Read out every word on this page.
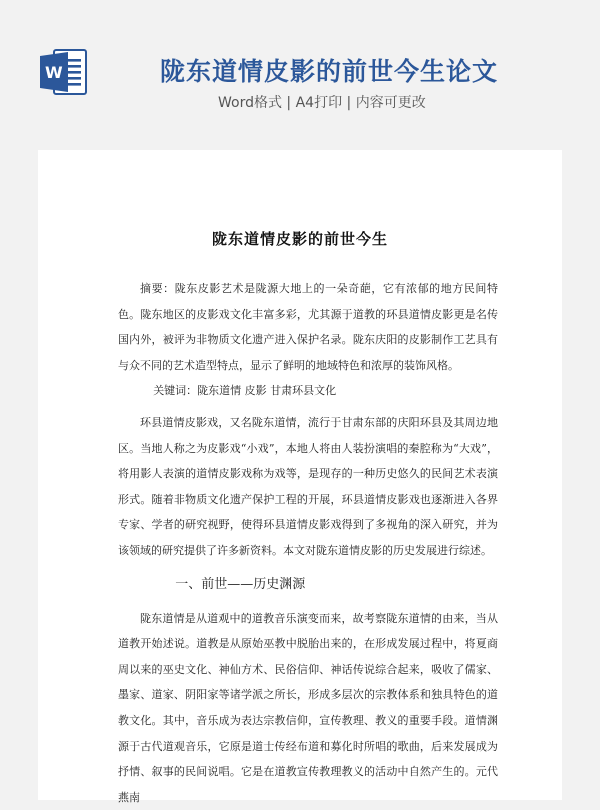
W	陇东道情皮影的前世今生论文
Word格式 | A4打印 | 内容可更改
陇东道情皮影的前世今生

摘要：陇东皮影艺术是陇源大地上的一朵奇葩，它有浓郁的地方民间特色。陇东地区的皮影戏文化丰富多彩，尤其源于道教的环县道情皮影更是名传国内外，被评为非物质文化遗产进入保护名录。陇东庆阳的皮影制作工艺具有与众不同的艺术造型特点，显示了鲜明的地域特色和浓厚的装饰风格。

关键词：陇东道情 皮影 甘肃环县文化

环县道情皮影戏，又名陇东道情，流行于甘肃东部的庆阳环县及其周边地区。当地人称之为皮影戏“小戏”，本地人将由人装扮演唱的秦腔称为“大戏”，将用影人表演的道情皮影戏称为戏等，是现存的一种历史悠久的民间艺术表演形式。随着非物质文化遗产保护工程的开展，环县道情皮影戏也逐渐进入各界专家、学者的研究视野，使得环县道情皮影戏得到了多视角的深入研究，并为该领域的研究提供了许多新资料。本文对陇东道情皮影的历史发展进行综述。

一、前世——历史渊源

陇东道情是从道观中的道教音乐演变而来，故考察陇东道情的由来，当从道教开始述说。道教是从原始巫教中脱胎出来的，在形成发展过程中，将夏商周以来的巫史文化、神仙方术、民俗信仰、神话传说综合起来，吸收了儒家、墨家、道家、阴阳家等诸学派之所长，形成多层次的宗教体系和独具特色的道教文化。其中，音乐成为表达宗教信仰，宣传教理、教义的重要手段。道情渊源于古代道观音乐，它原是道士传经布道和募化时所唱的歌曲，后来发展成为抒情、叙事的民间说唱。它是在道教宣传教理教义的活动中自然产生的。元代燕南
